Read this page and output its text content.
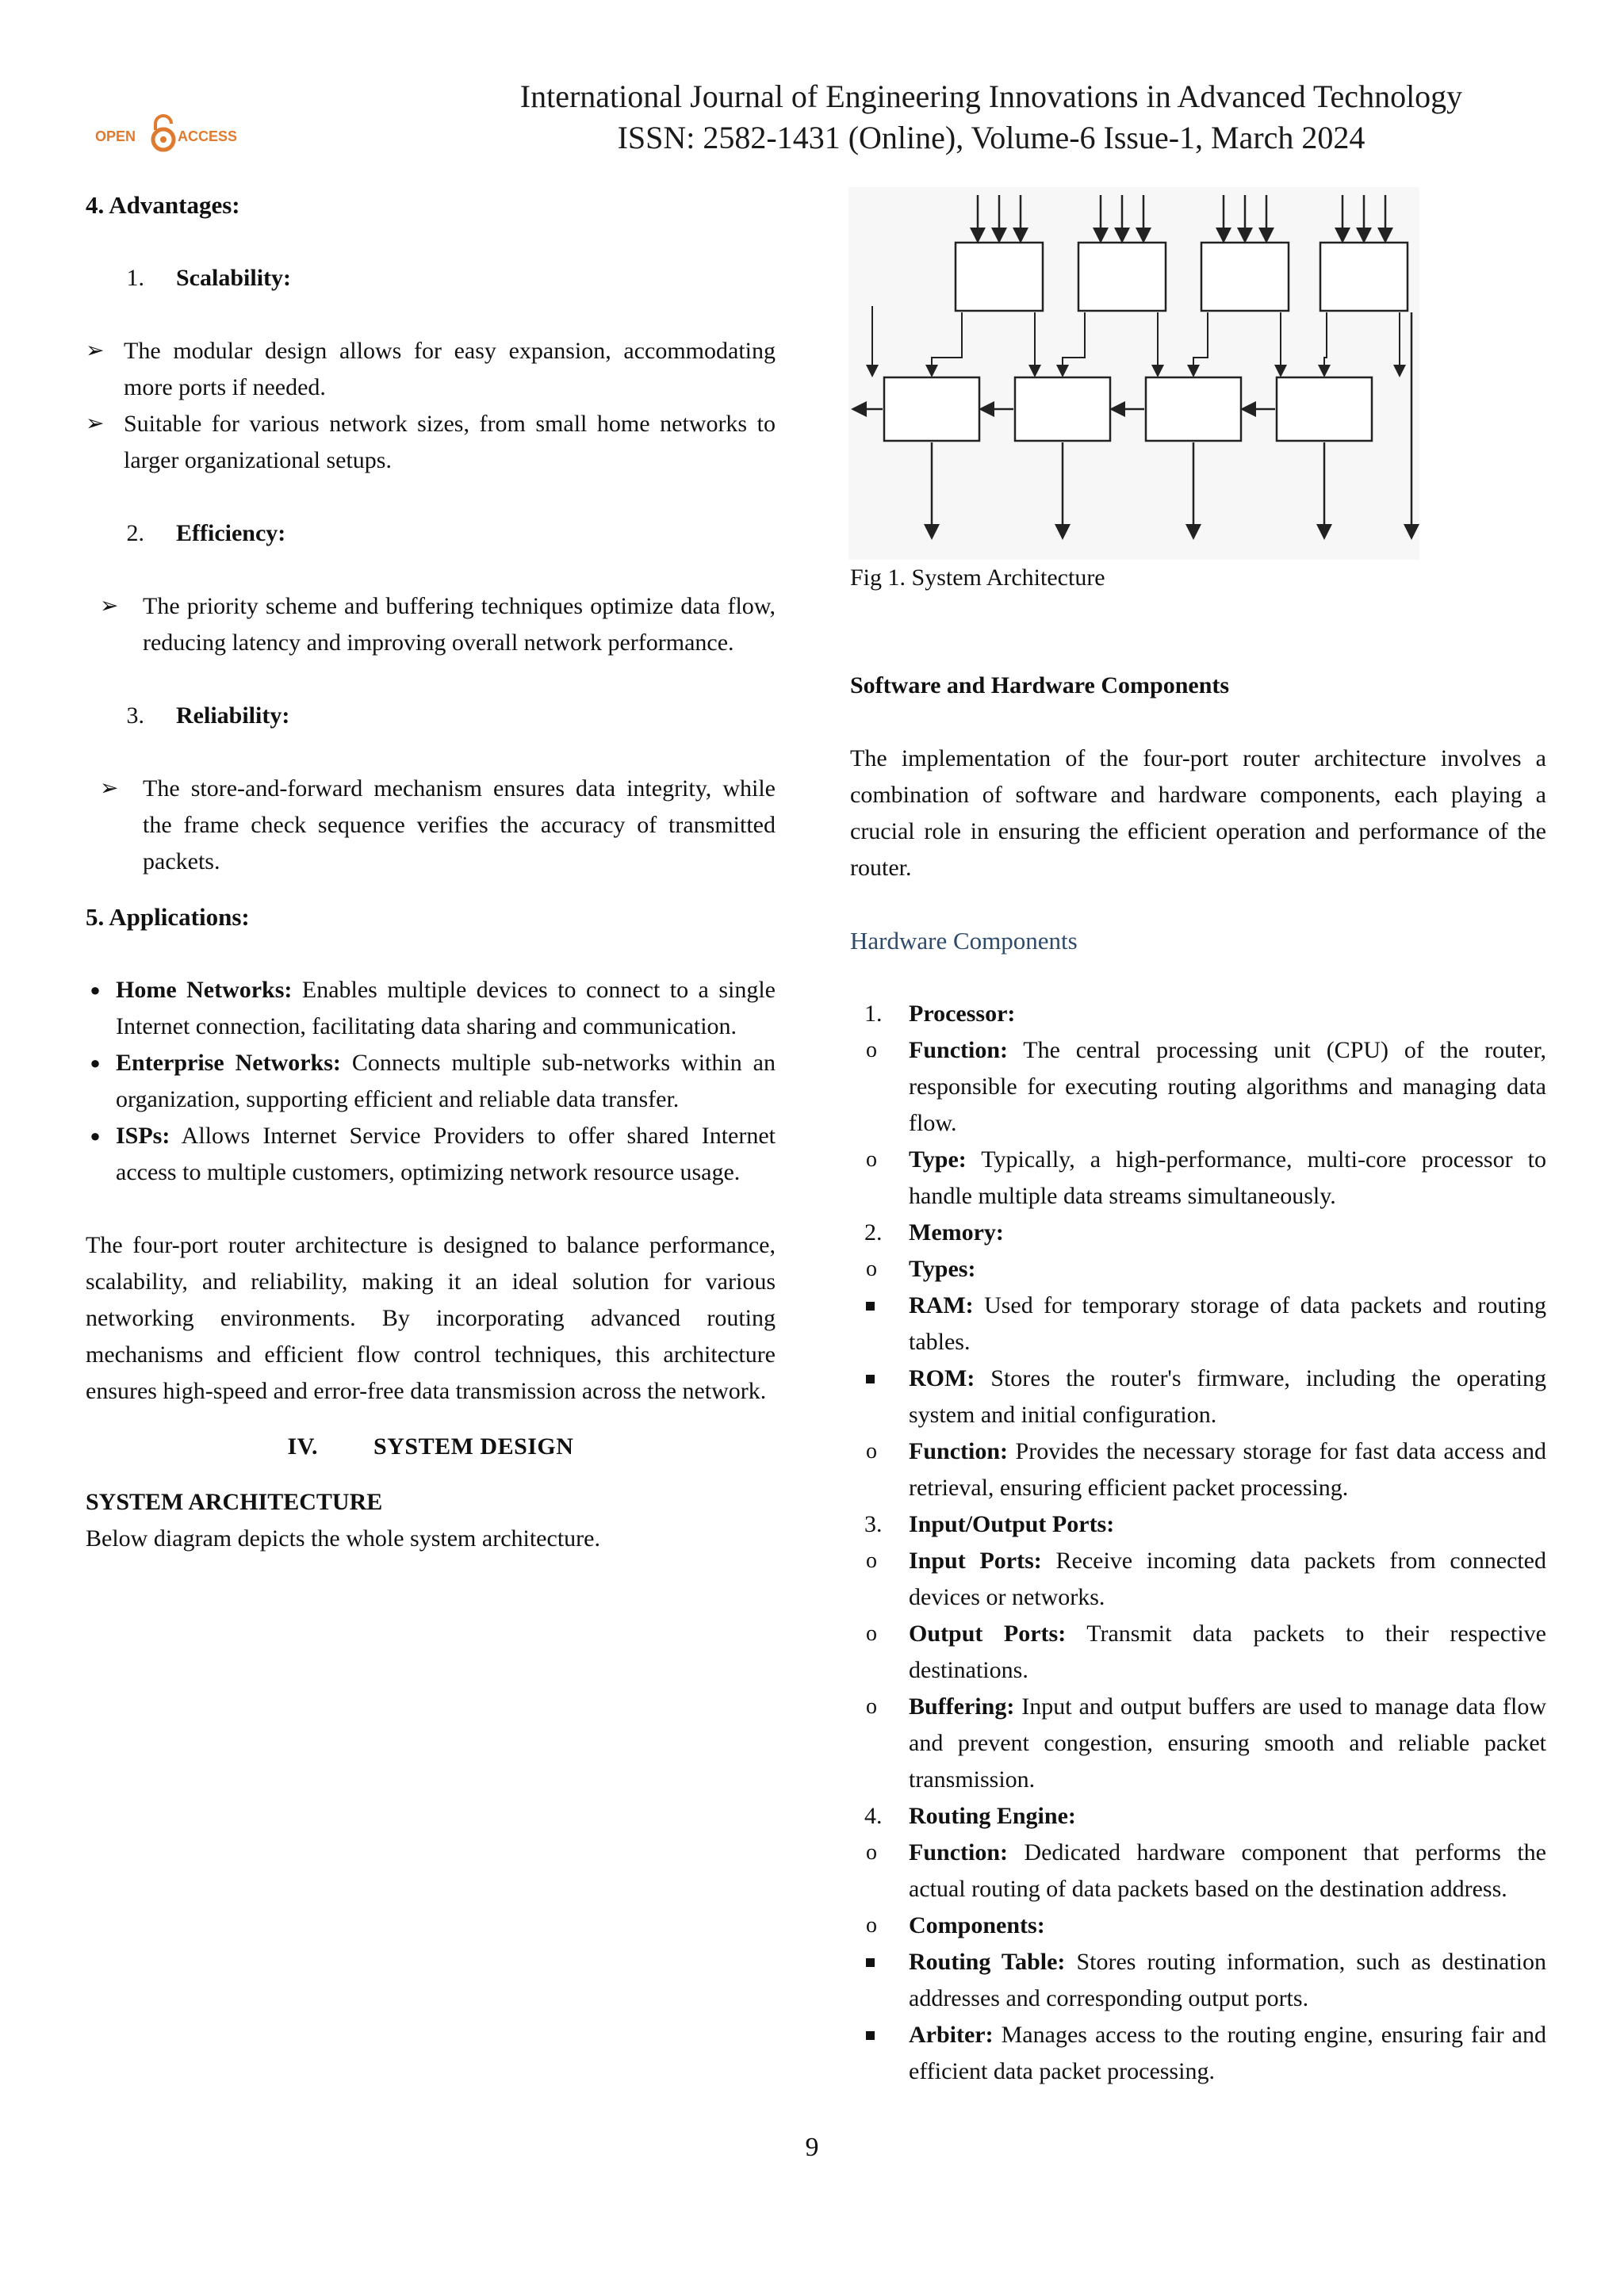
OPEN	ACCESS
International Journal of Engineering Innovations in Advanced Technology
ISSN: 2582-1431 (Online), Volume-6 Issue-1, March 2024
4. Advantages:
1.	Scalability:
➢ The modular design allows for easy expansion, accommodating more ports if needed.
➢ Suitable for various network sizes, from small home networks to larger organizational setups.
2.	Efficiency:
➢	The priority scheme and buffering techniques optimize data flow, reducing latency and improving overall network performance.
3.	Reliability:
➢	The store-and-forward mechanism ensures data integrity, while the frame check sequence verifies the accuracy of transmitted packets.
5. Applications:
● Home Networks: Enables multiple devices to connect to a single Internet connection, facilitating data sharing and communication.
● Enterprise Networks: Connects multiple sub-networks within an organization, supporting efficient and reliable data transfer.
● ISPs: Allows Internet Service Providers to offer shared Internet access to multiple customers, optimizing network resource usage.
The four-port router architecture is designed to balance performance, scalability, and reliability, making it an ideal solution for various networking environments. By incorporating advanced routing mechanisms and efficient flow control techniques, this architecture ensures high-speed and error-free data transmission across the network.
IV. SYSTEM DESIGN
SYSTEM ARCHITECTURE
Below diagram depicts the whole system architecture.
Fig 1. System Architecture
Software and Hardware Components
The implementation of the four-port router architecture involves a combination of software and hardware components, each playing a crucial role in ensuring the efficient operation and performance of the router.
Hardware Components
1.	Processor:
o	Function: The central processing unit (CPU) of the router, responsible for executing routing algorithms and managing data flow.
o	Type: Typically, a high-performance, multi-core processor to handle multiple data streams simultaneously.
2.	Memory:
o	Types:
RAM: Used for temporary storage of data packets and routing tables.
ROM: Stores the router's firmware, including the operating system and initial configuration.
o	Function: Provides the necessary storage for fast data access and retrieval, ensuring efficient packet processing.
3.	Input/Output Ports:
o	Input Ports: Receive incoming data packets from connected devices or networks.
o	Output Ports: Transmit data packets to their respective destinations.
o	Buffering: Input and output buffers are used to manage data flow and prevent congestion, ensuring smooth and reliable packet transmission.
4.	Routing Engine:
o	Function: Dedicated hardware component that performs the actual routing of data packets based on the destination address.
o	Components:
Routing Table: Stores routing information, such as destination addresses and corresponding output ports.
Arbiter: Manages access to the routing engine, ensuring fair and efficient data packet processing.
9
